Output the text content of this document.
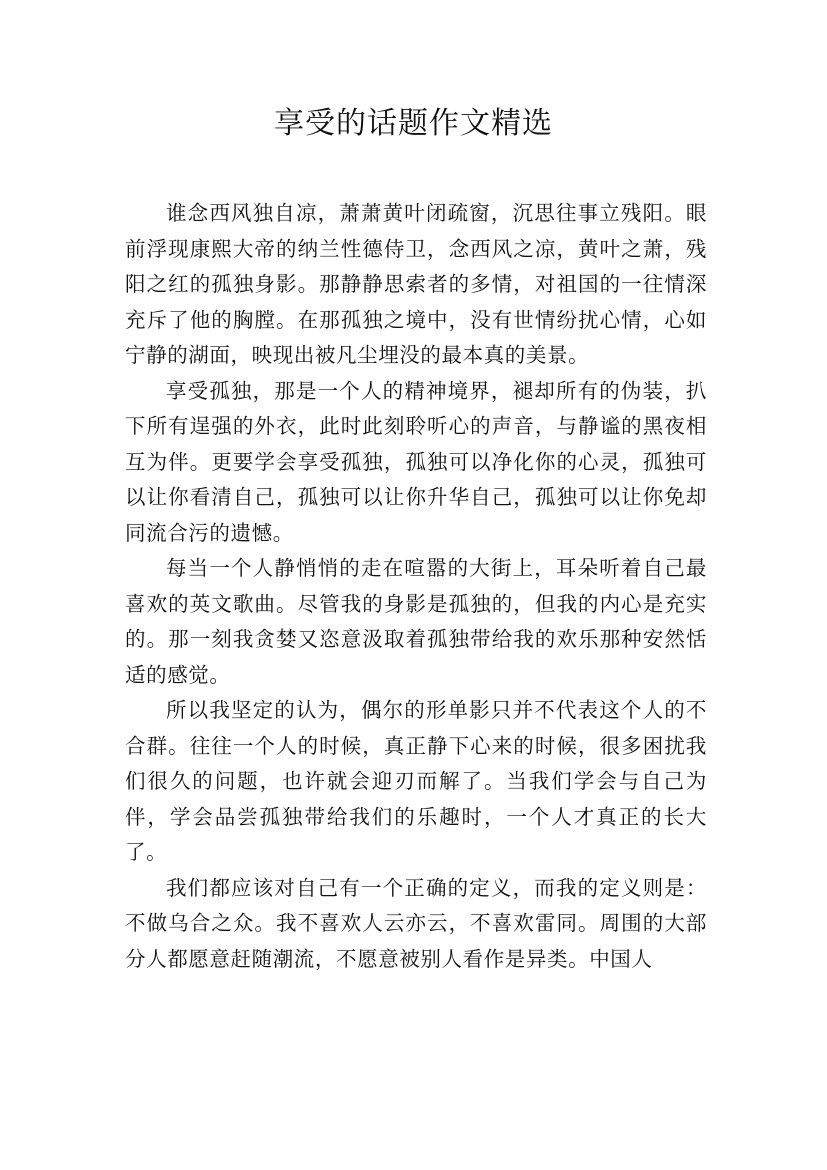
享受的话题作文精选

谁念西风独自凉，萧萧黄叶闭疏窗，沉思往事立残阳。眼前浮现康熙大帝的纳兰性德侍卫，念西风之凉，黄叶之萧，残阳之红的孤独身影。那静静思索者的多情，对祖国的一往情深充斥了他的胸膛。在那孤独之境中，没有世情纷扰心情，心如宁静的湖面，映现出被凡尘埋没的最本真的美景。

享受孤独，那是一个人的精神境界，褪却所有的伪装，扒下所有逞强的外衣，此时此刻聆听心的声音，与静谧的黑夜相互为伴。更要学会享受孤独，孤独可以净化你的心灵，孤独可以让你看清自己，孤独可以让你升华自己，孤独可以让你免却同流合污的遗憾。

每当一个人静悄悄的走在喧嚣的大街上，耳朵听着自己最喜欢的英文歌曲。尽管我的身影是孤独的，但我的内心是充实的。那一刻我贪婪又恣意汲取着孤独带给我的欢乐那种安然恬适的感觉。

所以我坚定的认为，偶尔的形单影只并不代表这个人的不合群。往往一个人的时候，真正静下心来的时候，很多困扰我们很久的问题，也许就会迎刃而解了。当我们学会与自己为伴，学会品尝孤独带给我们的乐趣时，一个人才真正的长大了。

我们都应该对自己有一个正确的定义，而我的定义则是：不做乌合之众。我不喜欢人云亦云，不喜欢雷同。周围的大部分人都愿意赶随潮流，不愿意被别人看作是异类。中国人
